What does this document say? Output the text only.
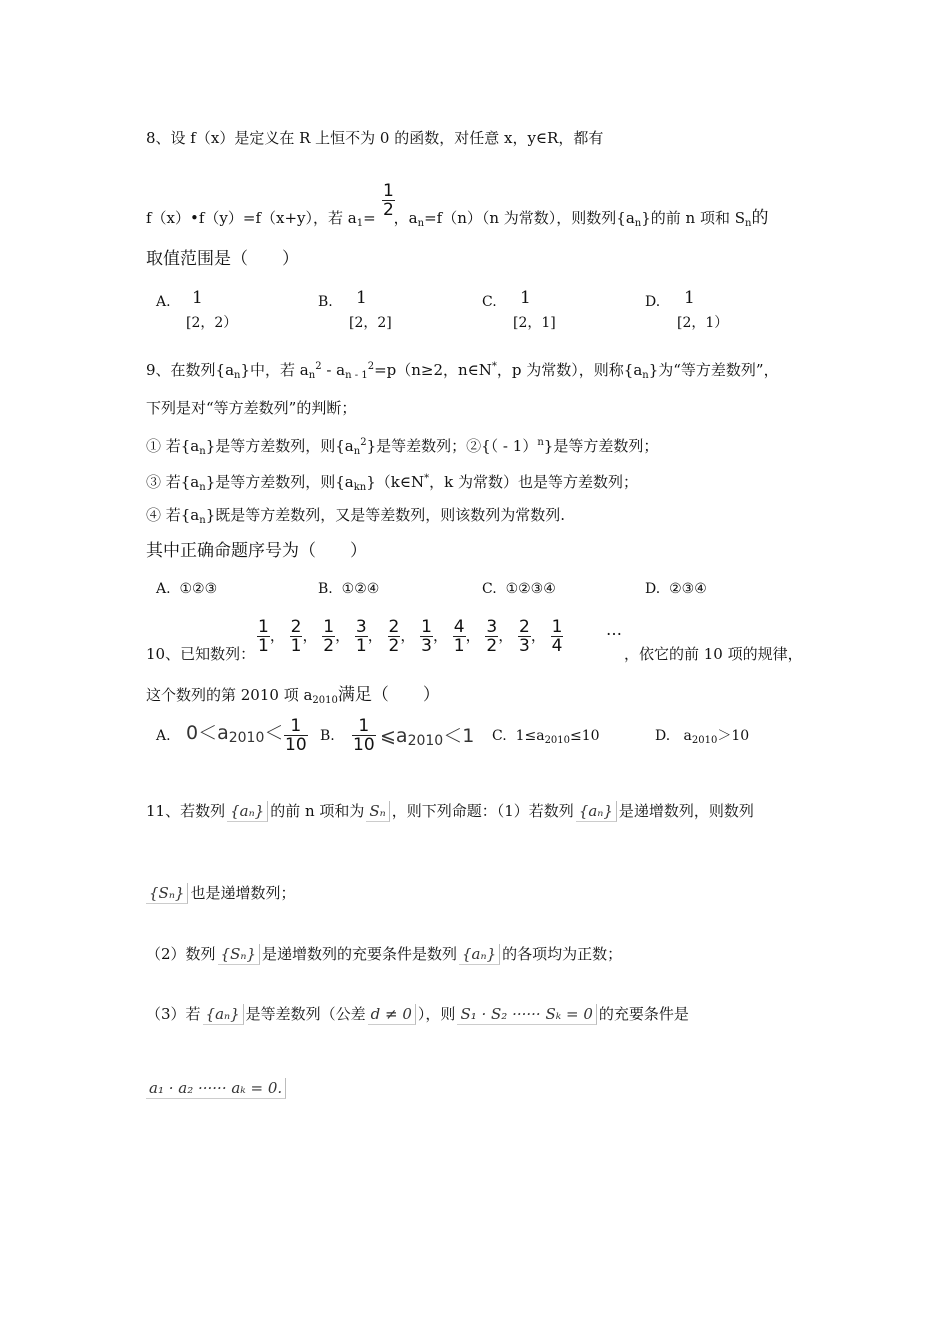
8、设 f（x）是定义在 R 上恒不为 0 的函数，对任意 x，y∈R，都有
$\frac{1}{2}$
f（x）•f（y）=f（x+y），若 $a_1=$ ，$a_n=f(n)(n$ 为常数），则数列$\{a_n\}$的前 n 项和 $S_n$的
取值范围是（　　）
A. 1
[2，2）
B. 1
[2，2]
C. 1
[2，1]
D. 1
[2，1）
9、在数列$\{a_n\}$中，若 $a_n^2 - a_{n - 1}^2=p(n\ge 2$，n∈N*，p 为常数），则称$\{a_n\}$为“等方差数列”，
下列是对“等方差数列”的判断；
① 若$\{a_n\}$是等方差数列，则$\{a_n^2\}$是等差数列；②{（ - 1）$^n$}是等方差数列；
③ 若$\{a_n\}$是等方差数列，则$\{a_{kn}\}(k\in N^*$，k 为常数）也是等方差数列；
④ 若$\{a_n\}$既是等方差数列，又是等差数列，则该数列为常数列.
其中正确命题序号为（　　）
A. ①②③	B. ①②④	C. ①②③④	D. ②③④
10、已知数列： $\frac{1}{1}$ ， $\frac{2}{1}$ ， $\frac{1}{2}$ ， $\frac{3}{1}$ ， $\frac{2}{2}$ ， $\frac{1}{3}$ ， $\frac{4}{1}$ ， $\frac{3}{2}$ ， $\frac{2}{3}$ ， $\frac{1}{4}$	…
，依它的前 10 项的规律，
这个数列的第 2010 项 $a_{2010}$满足（　　）
A. $0<a_{2010}< \frac{1}{10} B$. $\frac{1}{10}$ $⩽a_{2010}<1$ C. $1\le a_{2010}\le 10$	D. $a_{2010}>10$
11、若数列 {aₙ} 的前 n 项和为 Sₙ ，则下列命题：（1）若数列 {aₙ} 是递增数列，则数列
{Sₙ} 也是递增数列；
（2）数列 {Sₙ} 是递增数列的充要条件是数列 {aₙ} 的各项均为正数；
（3）若 {aₙ} 是等差数列（公差 d ≠ 0 ），则 S₁ · S₂ ······ Sₖ = 0 的充要条件是
a₁ · a₂ ······ aₖ = 0.
